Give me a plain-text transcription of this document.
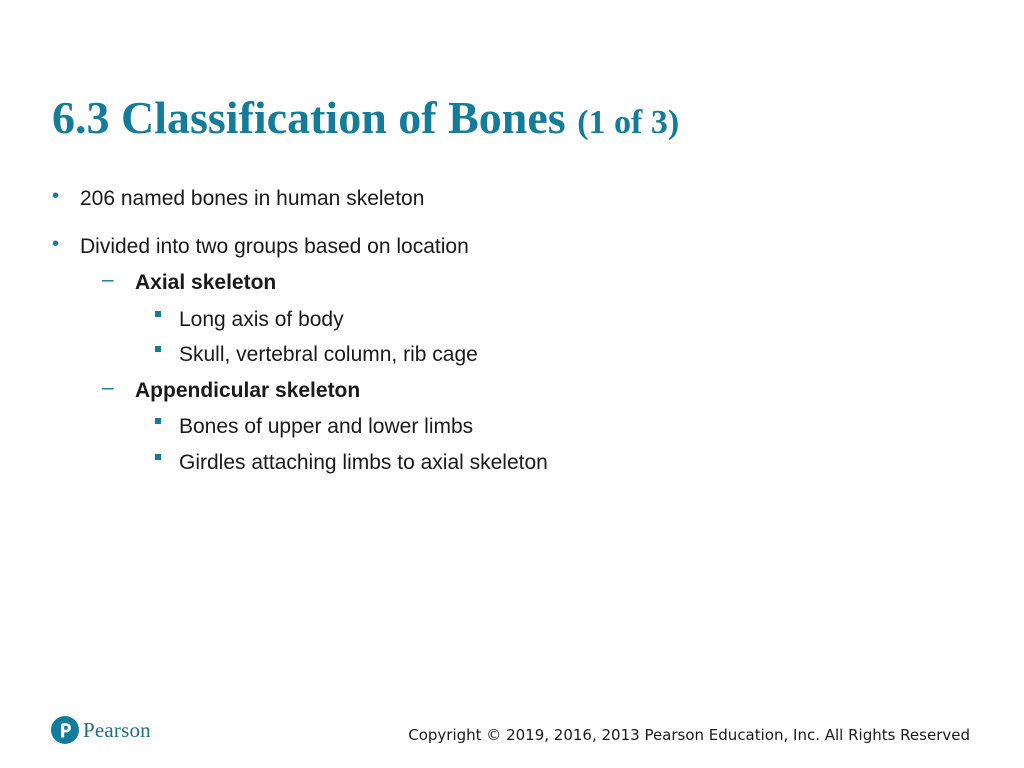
6.3 Classification of Bones (1 of 3)
• 206 named bones in human skeleton
• Divided into two groups based on location
– Axial skeleton
Long axis of body
Skull, vertebral column, rib cage
– Appendicular skeleton
Bones of upper and lower limbs
Girdles attaching limbs to axial skeleton
Pearson	Copyright © 2019, 2016, 2013 Pearson Education, Inc. All Rights Reserved
